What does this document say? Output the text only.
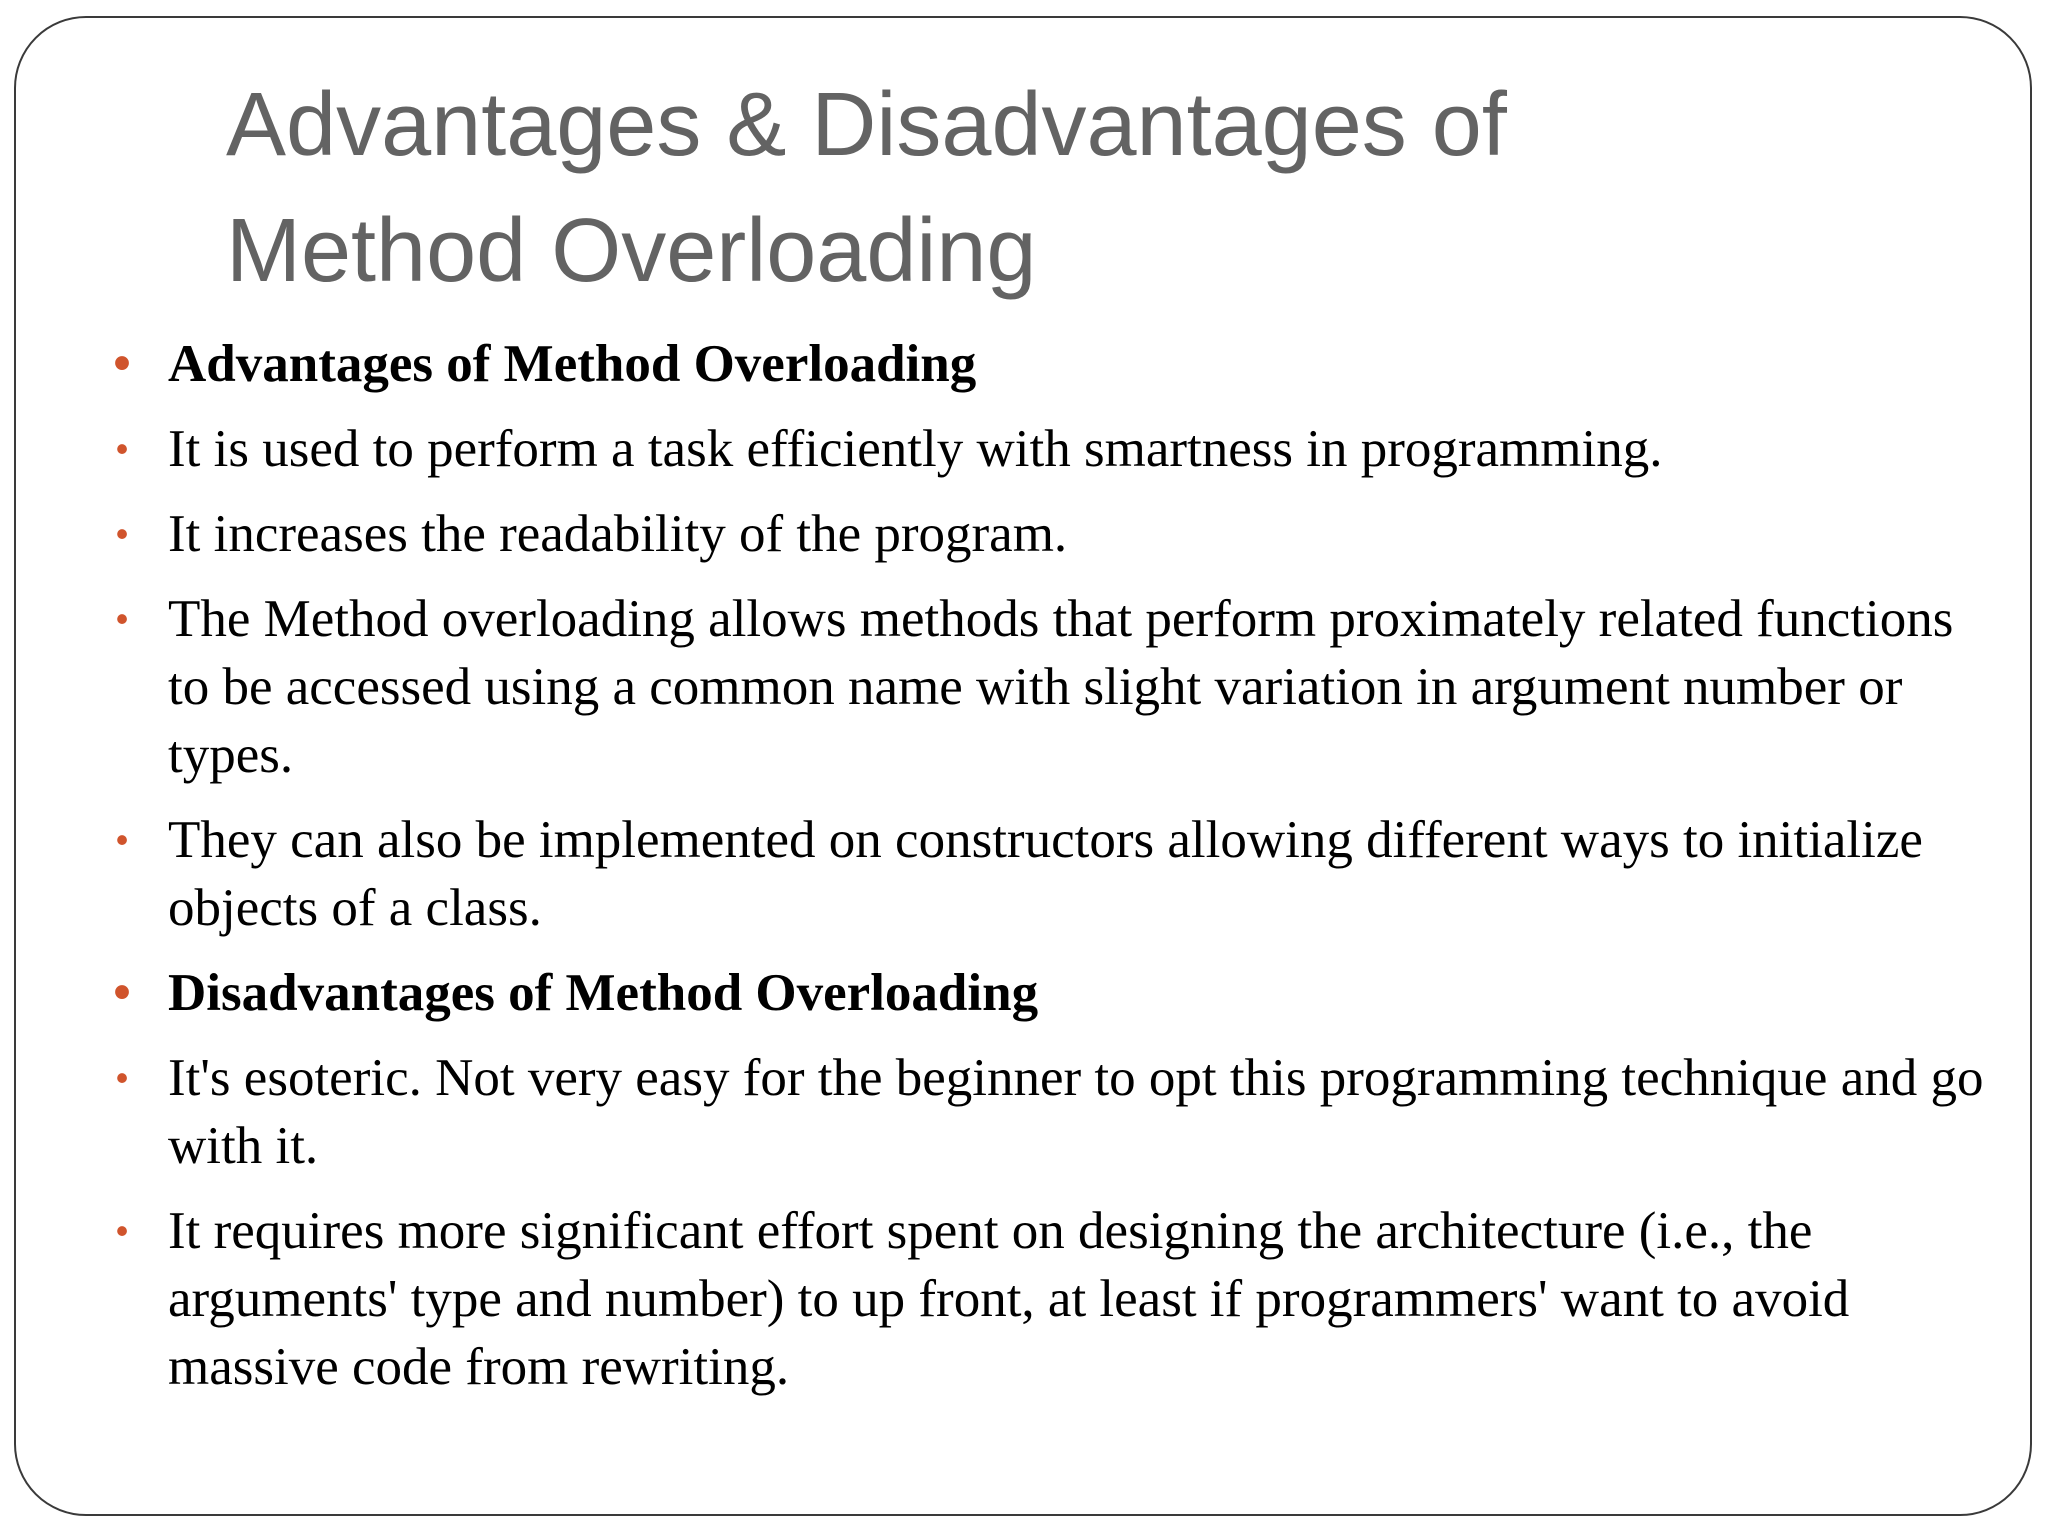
Advantages & Disadvantages of
Method Overloading
• Advantages of Method Overloading
• It is used to perform a task efficiently with smartness in programming.
• It increases the readability of the program.
• The Method overloading allows methods that perform proximately related functions to be accessed using a common name with slight variation in argument number or types.
• They can also be implemented on constructors allowing different ways to initialize objects of a class.
• Disadvantages of Method Overloading
• It's esoteric. Not very easy for the beginner to opt this programming technique and go with it.
• It requires more significant effort spent on designing the architecture (i.e., the arguments' type and number) to up front, at least if programmers' want to avoid massive code from rewriting.
